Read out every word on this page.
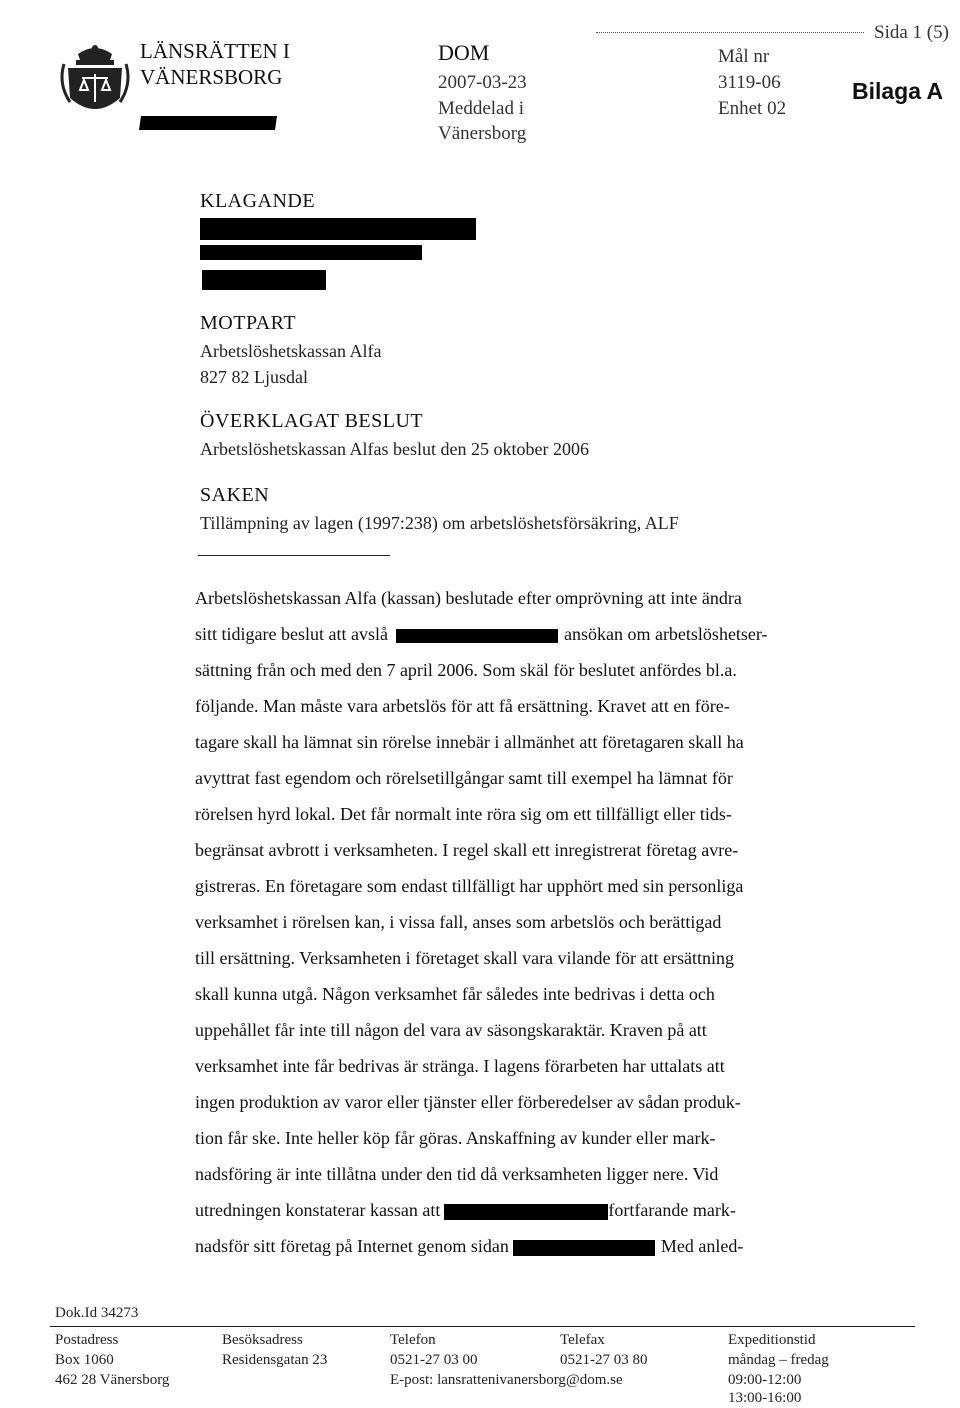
LÄNSRÄTTEN I
VÄNERSBORG
DOM
2007-03-23
Meddelad i
Vänersborg
Mål nr
3119-06
Enhet 02
Sida 1 (5)
Bilaga A
KLAGANDE
MOTPART
Arbetslöshetskassan Alfa
827 82 Ljusdal
ÖVERKLAGAT BESLUT
Arbetslöshetskassan Alfas beslut den 25 oktober 2006
SAKEN
Tillämpning av lagen (1997:238) om arbetslöshetsförsäkring, ALF

Arbetslöshetskassan Alfa (kassan) beslutade efter omprövning att inte ändra

sitt tidigare beslut att avslå	ansökan om arbetslöshetser-

sättning från och med den 7 april 2006. Som skäl för beslutet anfördes bl.a.

följande. Man måste vara arbetslös för att få ersättning. Kravet att en före-

tagare skall ha lämnat sin rörelse innebär i allmänhet att företagaren skall ha

avyttrat fast egendom och rörelsetillgångar samt till exempel ha lämnat för

rörelsen hyrd lokal. Det får normalt inte röra sig om ett tillfälligt eller tids-

begränsat avbrott i verksamheten. I regel skall ett inregistrerat företag avre-

gistreras. En företagare som endast tillfälligt har upphört med sin personliga

verksamhet i rörelsen kan, i vissa fall, anses som arbetslös och berättigad

till ersättning. Verksamheten i företaget skall vara vilande för att ersättning

skall kunna utgå. Någon verksamhet får således inte bedrivas i detta och

uppehållet får inte till någon del vara av säsongskaraktär. Kraven på att

verksamhet inte får bedrivas är stränga. I lagens förarbeten har uttalats att

ingen produktion av varor eller tjänster eller förberedelser av sådan produk-

tion får ske. Inte heller köp får göras. Anskaffning av kunder eller mark-

nadsföring är inte tillåtna under den tid då verksamheten ligger nere. Vid

utredningen konstaterar kassan att	fortfarande mark-

nadsför sitt företag på Internet genom sidan	Med anled-

Dok.Id 34273
Postadress
Box 1060
462 28 Vänersborg
Besöksadress
Residensgatan 23
Telefon
0521-27 03 00
E-post: lansrattenivanersborg@dom.se
Telefax
0521-27 03 80
Expeditionstid
måndag – fredag
09:00-12:00
13:00-16:00
